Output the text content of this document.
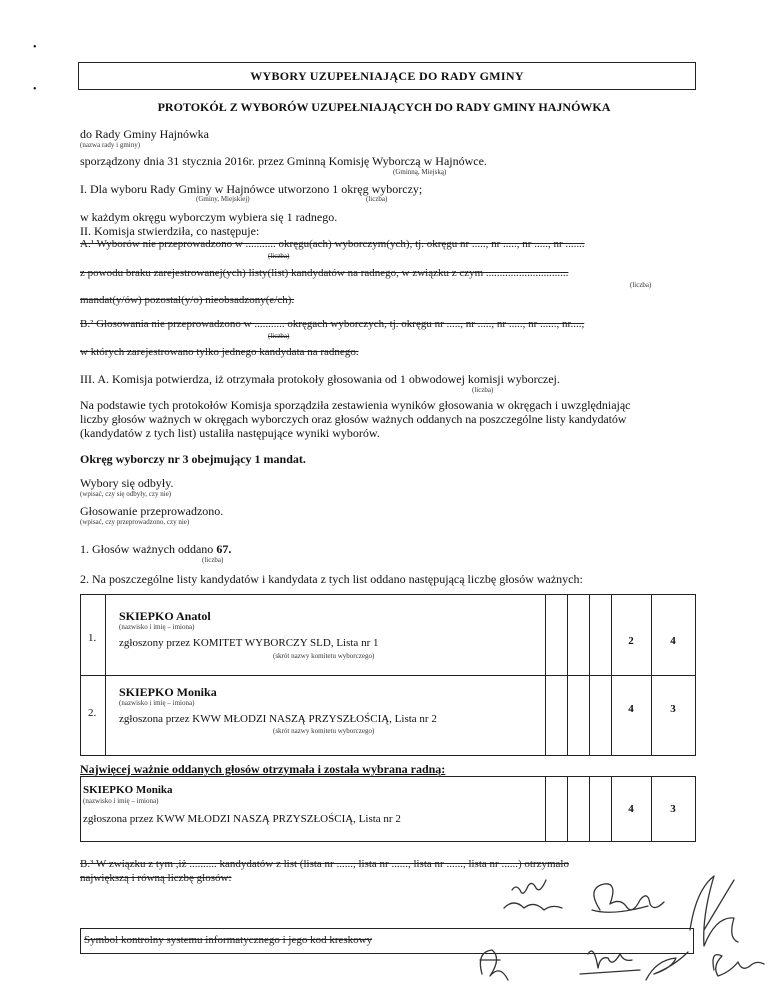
•
•
WYBORY UZUPEŁNIAJĄCE DO RADY GMINY
PROTOKÓŁ Z WYBORÓW UZUPEŁNIAJĄCYCH DO RADY GMINY HAJNÓWKA
do Rady Gminy Hajnówka
(nazwa rady i gminy)
sporządzony dnia 31 stycznia 2016r. przez Gminną Komisję Wyborczą w Hajnówce.
(Gminną, Miejską)
I. Dla wyboru Rady Gminy w Hajnówce utworzono 1 okręg wyborczy;
(Gminy, Miejskiej)	(liczba)
w każdym okręgu wyborczym wybiera się 1 radnego.
II. Komisja stwierdziła, co następuje:
A.¹ Wyborów nie przeprowadzono w ........... okręgu(ach) wyborczym(ych), tj. okręgu nr ....., nr ....., nr ....., nr .......
(liczba)
z powodu braku zarejestrowanej(ych) listy(list) kandydatów na radnego, w związku z czym ..............................
(liczba)
mandat(y/ów) pozostał(y/o) nieobsadzony(e/ch).
B.² Głosowania nie przeprowadzono w ........... okręgach wyborczych, tj. okręgu nr ....., nr ....., nr ....., nr ......, nr....,
(liczba)
w których zarejestrowano tylko jednego kandydata na radnego.
III. A. Komisja potwierdza, iż otrzymała protokoły głosowania od 1 obwodowej komisji wyborczej.
(liczba)
Na podstawie tych protokołów Komisja sporządziła zestawienia wyników głosowania w okręgach i uwzględniając
liczby głosów ważnych w okręgach wyborczych oraz głosów ważnych oddanych na poszczególne listy kandydatów
(kandydatów z tych list) ustaliła następujące wyniki wyborów.
Okręg wyborczy nr 3 obejmujący 1 mandat.
Wybory się odbyły.
(wpisać, czy się odbyły, czy nie)
Głosowanie przeprowadzono.
(wpisać, czy przeprowadzono, czy nie)
1. Głosów ważnych oddano 67.
(liczba)
2. Na poszczególne listy kandydatów i kandydata z tych list oddano następującą liczbę głosów ważnych:
1.
SKIEPKO Anatol
(nazwisko i imię – imiona)
zgłoszony przez KOMITET WYBORCZY SLD, Lista nr 1
(skrót nazwy komitetu wyborczego)
2	4
2.
SKIEPKO Monika
(nazwisko i imię – imiona)
zgłoszona przez KWW MŁODZI NASZĄ PRZYSZŁOŚCIĄ, Lista nr 2
(skrót nazwy komitetu wyborczego)
4	3
Najwięcej ważnie oddanych głosów otrzymała i została wybrana radną:
SKIEPKO Monika
(nazwisko i imię – imiona)
zgłoszona przez KWW MŁODZI NASZĄ PRZYSZŁOŚCIĄ, Lista nr 2
4	3
B.³ W związku z tym ,iż .......... kandydatów z list (lista nr ......, lista nr ......, lista nr ......, lista nr ......) otrzymało
największą i równą liczbę głosów:
Symbol kontrolny systemu informatycznego i jego kod kreskowy
